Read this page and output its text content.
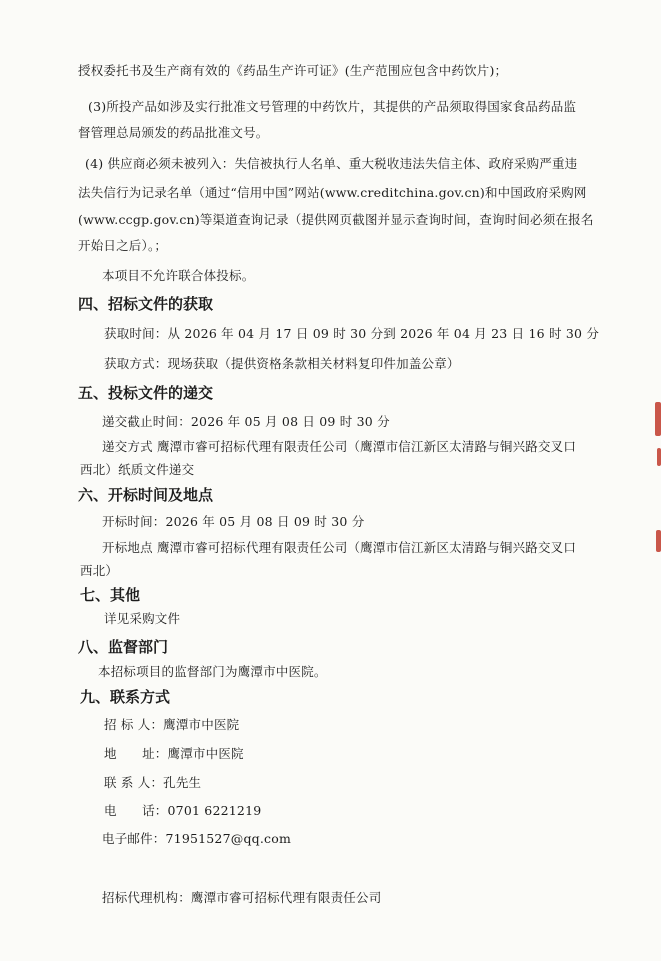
授权委托书及生产商有效的《药品生产许可证》(生产范围应包含中药饮片)；
(3)所投产品如涉及实行批准文号管理的中药饮片，其提供的产品须取得国家食品药品监
督管理总局颁发的药品批准文号。
(4) 供应商必须未被列入：失信被执行人名单、重大税收违法失信主体、政府采购严重违
法失信行为记录名单（通过“信用中国”网站(www.creditchina.gov.cn)和中国政府采购网
(www.ccgp.gov.cn)等渠道查询记录（提供网页截图并显示查询时间，查询时间必须在报名
开始日之后）。；
本项目不允许联合体投标。
四、招标文件的获取
获取时间：从 2026 年 04 月 17 日 09 时 30 分到 2026 年 04 月 23 日 16 时 30 分
获取方式：现场获取（提供资格条款相关材料复印件加盖公章）
五、投标文件的递交
递交截止时间：2026 年 05 月 08 日 09 时 30 分
递交方式 鹰潭市睿可招标代理有限责任公司（鹰潭市信江新区太清路与铜兴路交叉口
西北）纸质文件递交
六、开标时间及地点
开标时间：2026 年 05 月 08 日 09 时 30 分
开标地点 鹰潭市睿可招标代理有限责任公司（鹰潭市信江新区太清路与铜兴路交叉口
西北）
七、其他
详见采购文件
八、监督部门
本招标项目的监督部门为鹰潭市中医院。
九、联系方式
招 标 人：鹰潭市中医院
地　　址：鹰潭市中医院
联 系 人：孔先生
电　　话：0701 6221219
电子邮件：71951527@qq.com
招标代理机构：鹰潭市睿可招标代理有限责任公司
